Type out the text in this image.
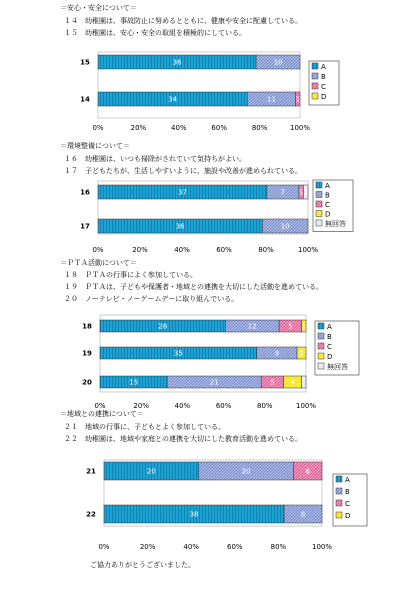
＝安心・安全について＝
１４　幼稚園は、事故防止に努めるとともに、健康や安全に配慮している。
１５　幼稚園は、安心・安全の取組を積極的にしている。
＝環境整備について＝
１６　幼稚園は、いつも掃除がされていて気持ちがよい。
１７　子どもたちが、生活しやすいように、施設や改善が進められている。
＝ＰＴＡ活動について＝
１８　ＰＴＡの行事によく参加している。
１９　ＰＴＡは、子どもや保護者・地域との連携を大切にした活動を進めている。
２０　ノーテレビ・ノーゲームデーに取り組んでいる。
＝地域との連携について＝
２１　地域の行事に、子どもとよく参加している。
２２　幼稚園は、地域や家庭との連携を大切にした教育活動を進めている。
ご協力ありがとうございました。
0%	20%	40%	60%	80%	100%
15	36	10
14	34	11	1
A
B
C
D
0%	20%	40%	60%	80%	100%
16	37	7 1 1
17	36	10
A
B
C
D
無回答
0%	20%	40%	60%	80%	100%
18	28	12	5 1
19	35	9	2
20	15	21	5 4
A
B
C
D
無回答
0%	20%	40%	60%	80%	100%
21	20	20	6
22	38	8
A
B
C
D
